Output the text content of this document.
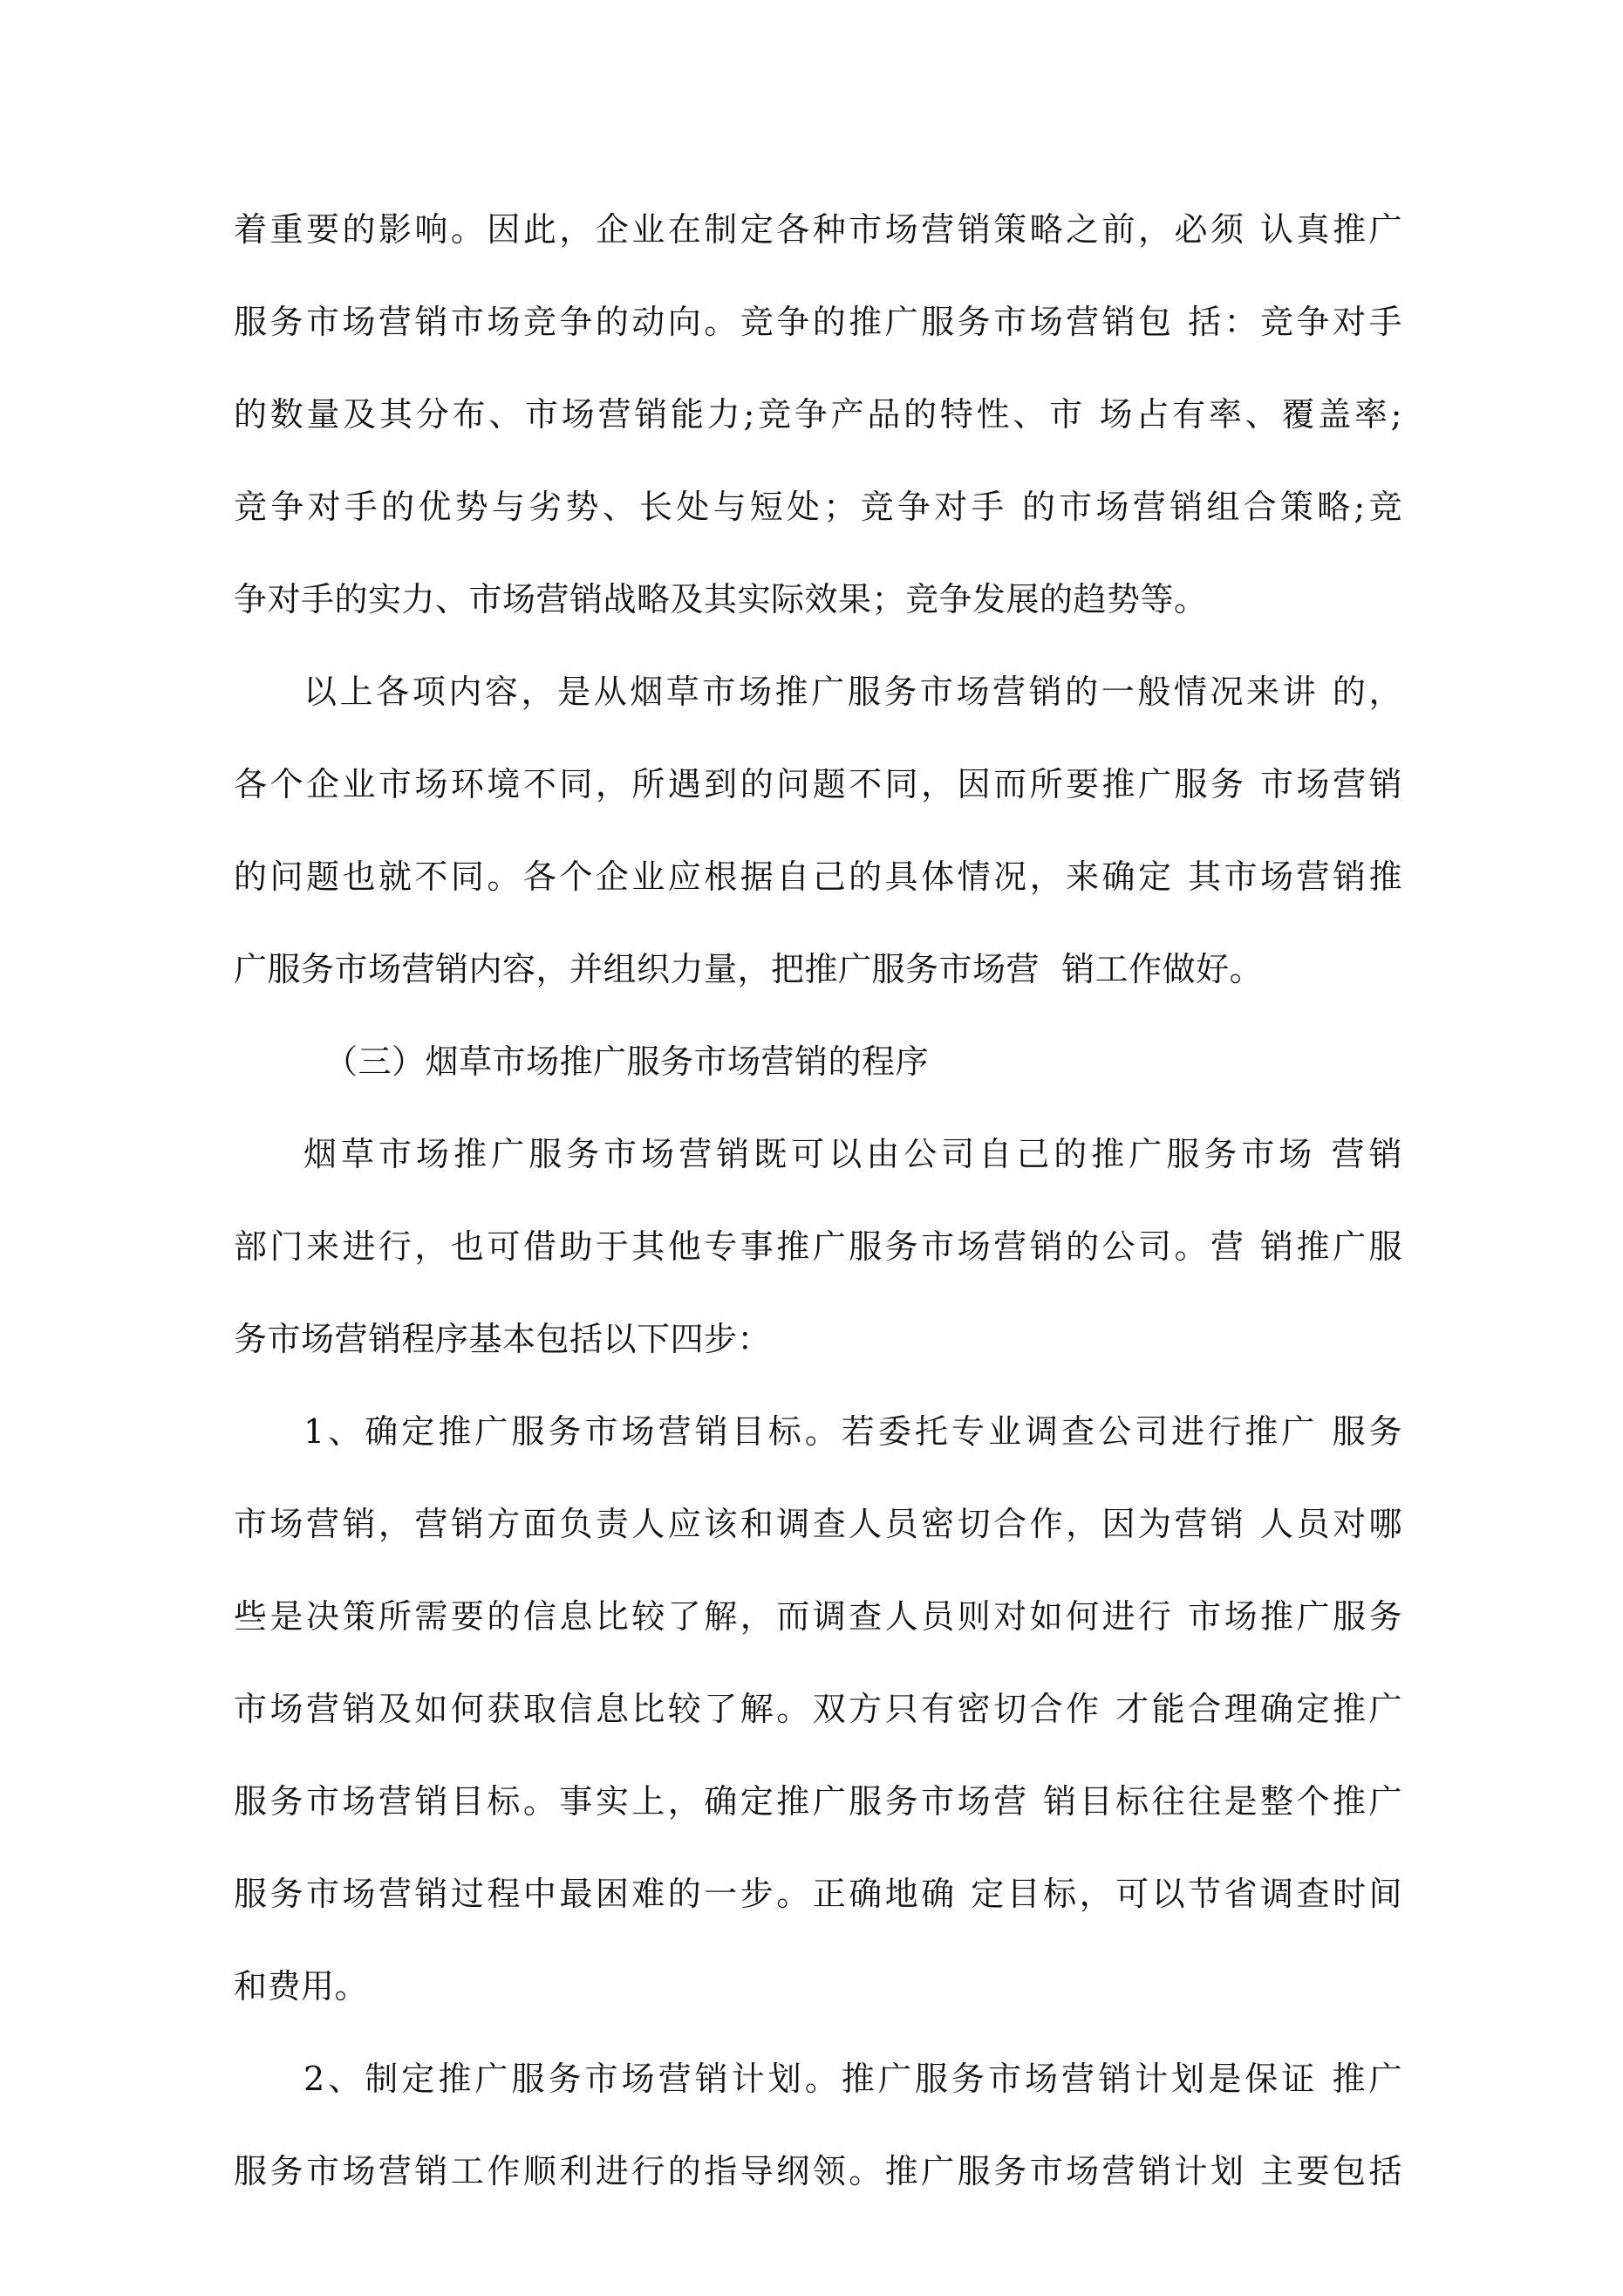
着重要的影响。因此，企业在制定各种市场营销策略之前，必须 认真推广
服务市场营销市场竞争的动向。竞争的推广服务市场营销包 括：竞争对手
的数量及其分布、市场营销能力;竞争产品的特性、市 场占有率、覆盖率;
竞争对手的优势与劣势、长处与短处；竞争对手 的市场营销组合策略;竞
争对手的实力、市场营销战略及其实际效果；竞争发展的趋势等。
以上各项内容，是从烟草市场推广服务市场营销的一般情况来讲 的，
各个企业市场环境不同，所遇到的问题不同，因而所要推广服务 市场营销
的问题也就不同。各个企业应根据自己的具体情况，来确定 其市场营销推
广服务市场营销内容，并组织力量，把推广服务市场营  销工作做好。
（三）烟草市场推广服务市场营销的程序
烟草市场推广服务市场营销既可以由公司自己的推广服务市场 营销
部门来进行，也可借助于其他专事推广服务市场营销的公司。营 销推广服
务市场营销程序基本包括以下四步：
1、确定推广服务市场营销目标。若委托专业调查公司进行推广 服务
市场营销，营销方面负责人应该和调查人员密切合作，因为营销 人员对哪
些是决策所需要的信息比较了解，而调查人员则对如何进行 市场推广服务
市场营销及如何获取信息比较了解。双方只有密切合作 才能合理确定推广
服务市场营销目标。事实上，确定推广服务市场营 销目标往往是整个推广
服务市场营销过程中最困难的一步。正确地确 定目标，可以节省调查时间
和费用。
2、制定推广服务市场营销计划。推广服务市场营销计划是保证 推广
服务市场营销工作顺利进行的指导纲领。推广服务市场营销计划 主要包括
